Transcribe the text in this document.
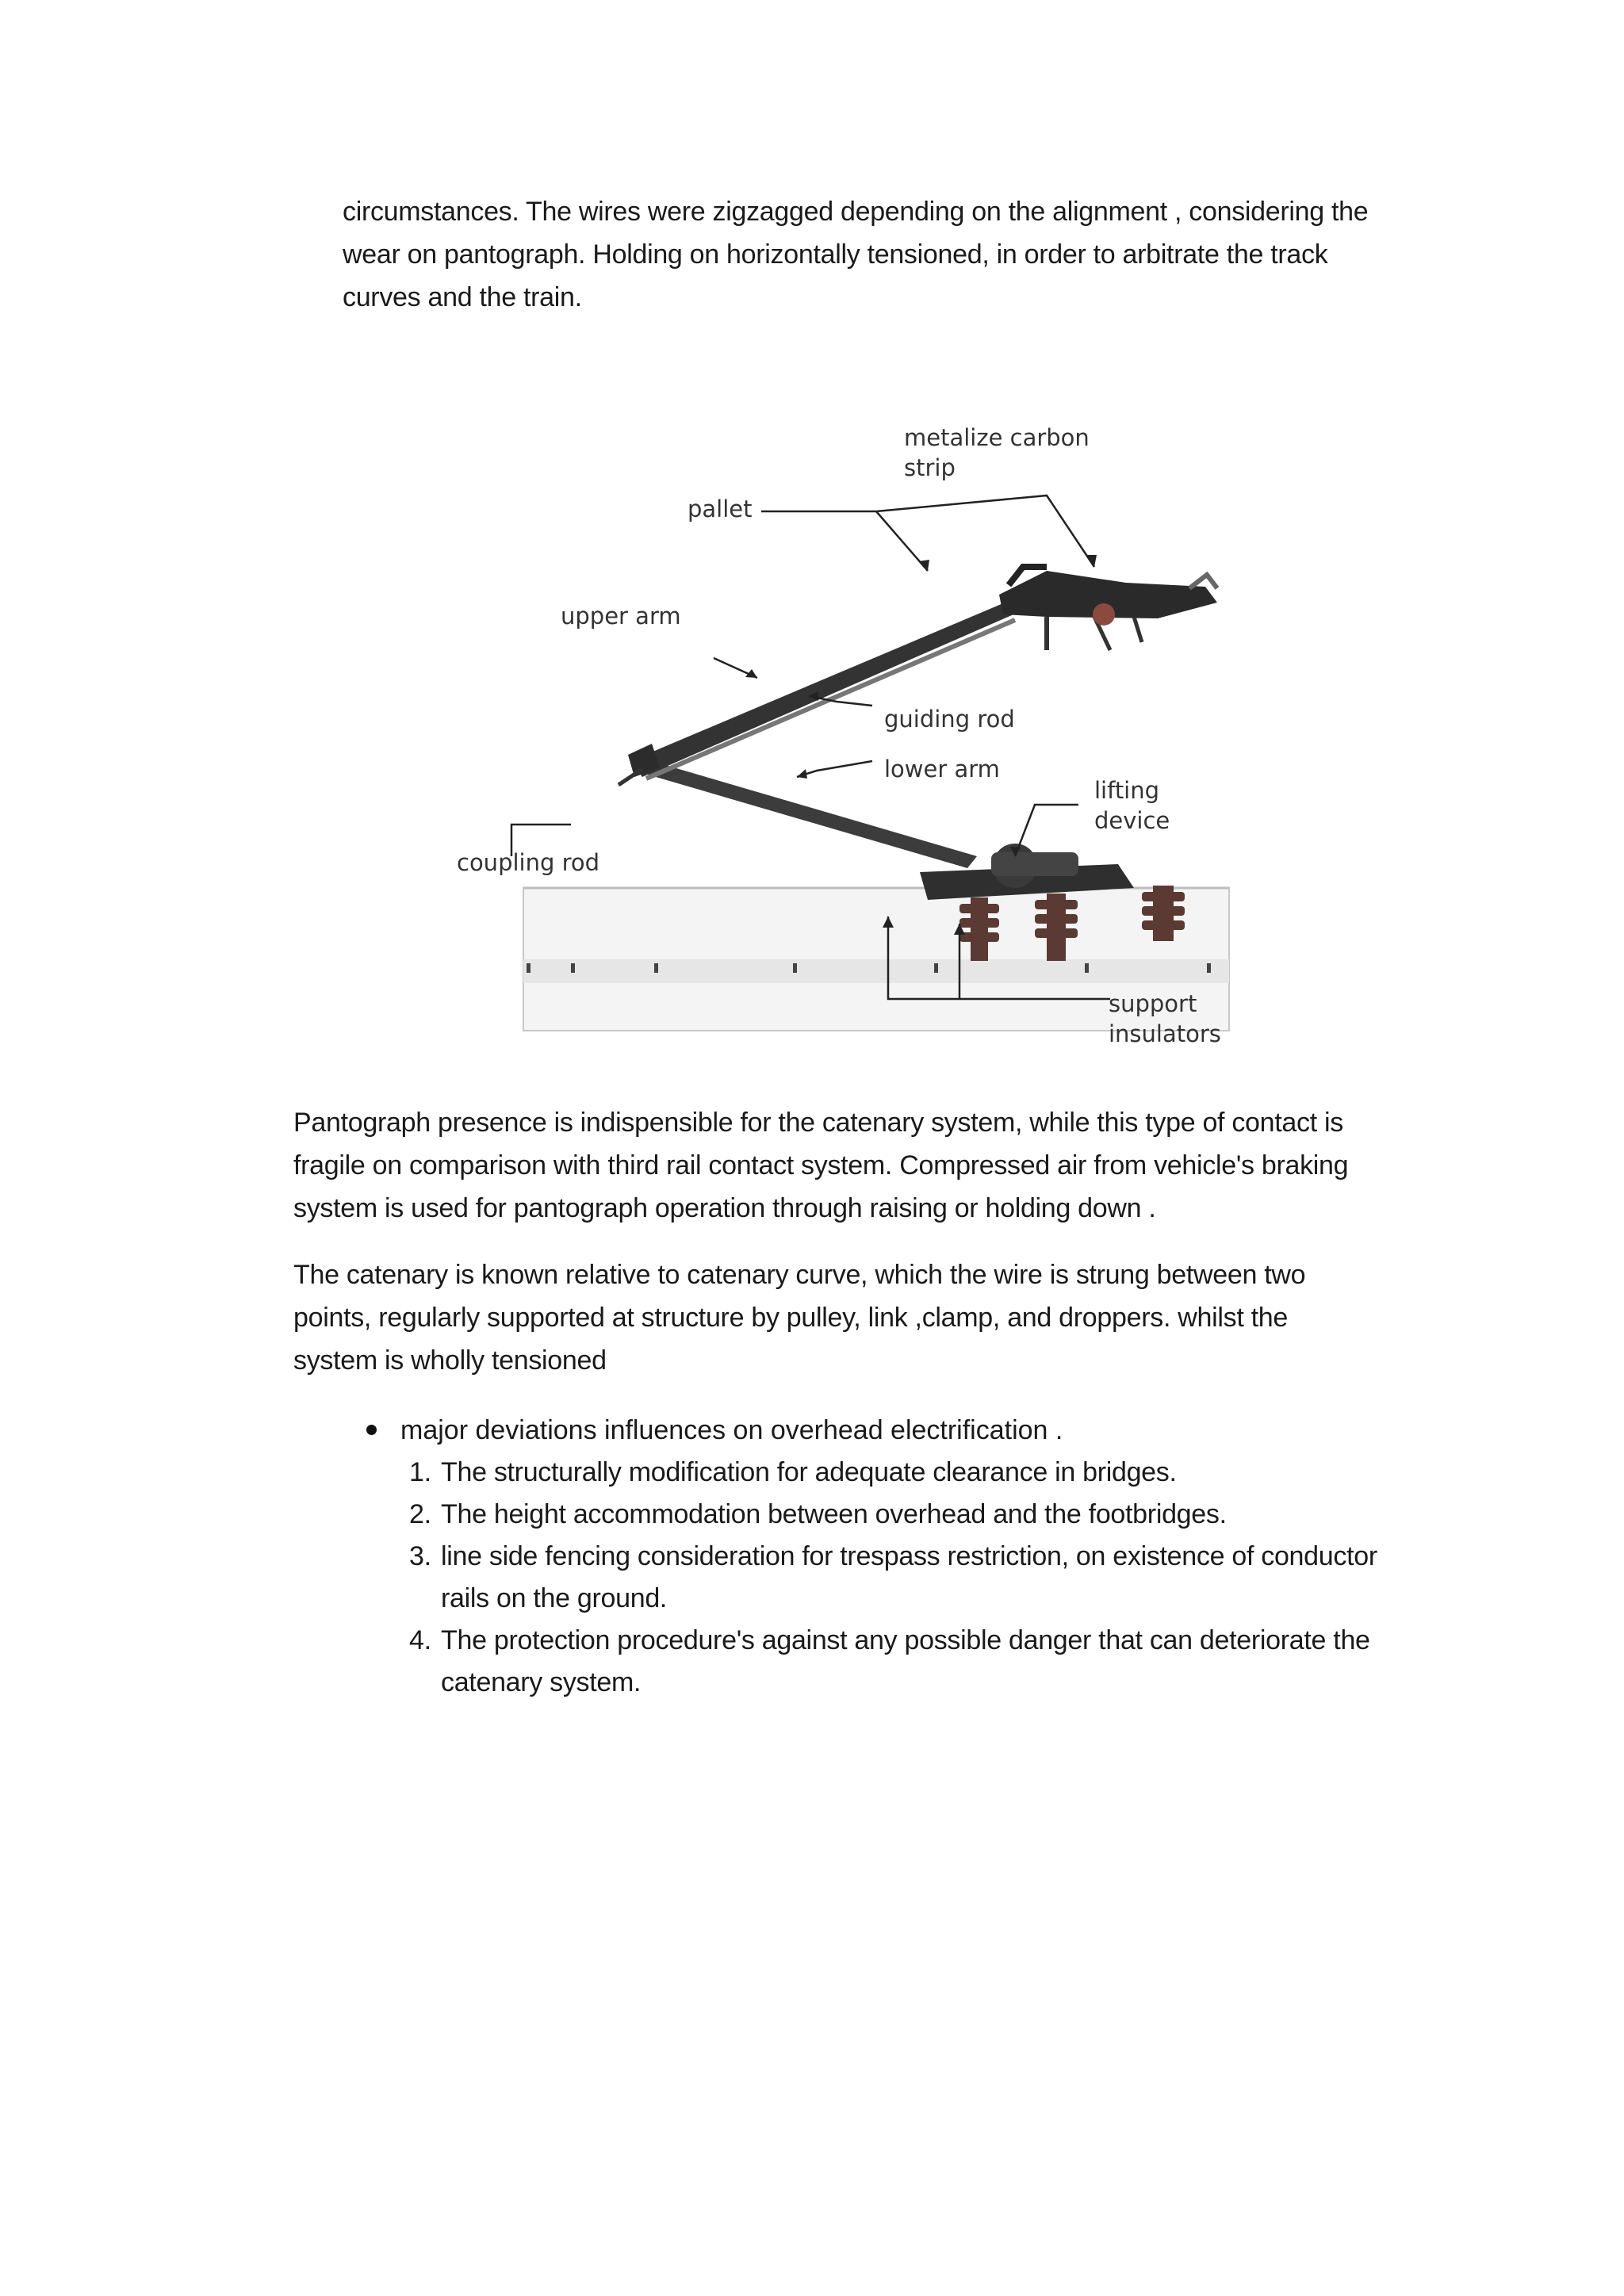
circumstances. The wires were zigzagged depending on the alignment , considering the wear on pantograph. Holding on horizontally tensioned, in order to arbitrate the track curves and the train.

metalize carbon
strip
pallet
upper arm
guiding rod
lower arm
lifting
device
coupling rod
support
insulators

Pantograph presence is indispensible for the catenary system, while this type of contact is fragile on comparison with third rail contact system. Compressed air from vehicle's braking system is used for pantograph operation through raising or holding down .

The catenary is known relative to catenary curve, which the wire is strung between two points, regularly supported at structure by pulley, link ,clamp, and droppers. whilst the system is wholly tensioned

major deviations influences on overhead electrification .
1. The structurally modification for adequate clearance in bridges.
2. The height accommodation between overhead and the footbridges.
3. line side fencing consideration for trespass restriction, on existence of conductor rails on the ground.
4. The protection procedure's against any possible danger that can deteriorate the catenary system.
